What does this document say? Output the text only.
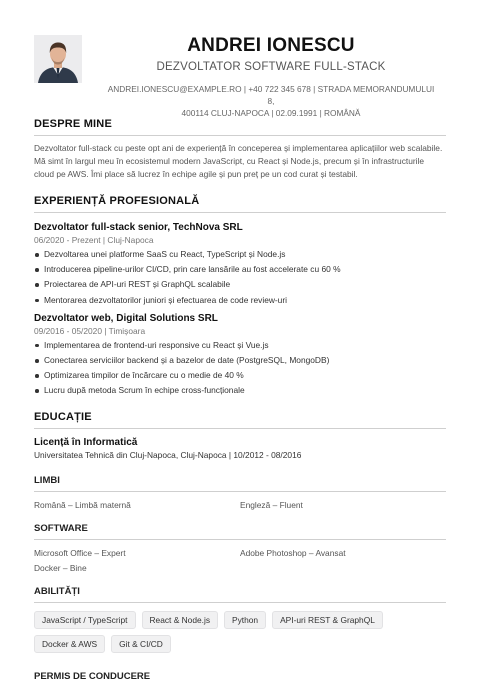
ANDREI IONESCU
DEZVOLTATOR SOFTWARE FULL-STACK
ANDREI.IONESCU@EXAMPLE.RO | +40 722 345 678 | STRADA MEMORANDUMULUI 8,
400114 CLUJ-NAPOCA | 02.09.1991 | ROMÂNĂ
DESPRE MINE
Dezvoltator full-stack cu peste opt ani de experiență în conceperea și implementarea aplicațiilor web scalabile. Mă simt în largul meu în ecosistemul modern JavaScript, cu React și Node.js, precum și în infrastructurile cloud pe AWS. Îmi place să lucrez în echipe agile și pun preț pe un cod curat și testabil.
EXPERIENȚĂ PROFESIONALĂ
Dezvoltator full-stack senior, TechNova SRL
06/2020 - Prezent | Cluj-Napoca
Dezvoltarea unei platforme SaaS cu React, TypeScript și Node.js
Introducerea pipeline-urilor CI/CD, prin care lansările au fost accelerate cu 60 %
Proiectarea de API-uri REST și GraphQL scalabile
Mentorarea dezvoltatorilor juniori și efectuarea de code review-uri
Dezvoltator web, Digital Solutions SRL
09/2016 - 05/2020 | Timișoara
Implementarea de frontend-uri responsive cu React și Vue.js
Conectarea serviciilor backend și a bazelor de date (PostgreSQL, MongoDB)
Optimizarea timpilor de încărcare cu o medie de 40 %
Lucru după metoda Scrum în echipe cross-funcționale
EDUCAȚIE
Licență în Informatică
Universitatea Tehnică din Cluj-Napoca, Cluj-Napoca | 10/2012 - 08/2016
LIMBI
Română – Limbă maternă	Engleză – Fluent
SOFTWARE
Microsoft Office – Expert	Adobe Photoshop – Avansat
Docker – Bine
ABILITĂȚI
JavaScript / TypeScript	React & Node.js	Python	API-uri REST & GraphQL
Docker & AWS	Git & CI/CD
PERMIS DE CONDUCERE
